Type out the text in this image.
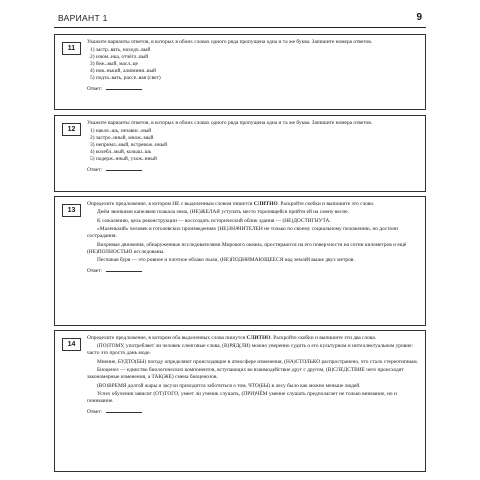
ВАРИАНТ 1	9
11

Укажите варианты ответов, в которых в обоих словах одного ряда пропущена одна и та же буква. Запишите номера ответов.

1) застр..вать, находч..вый

2) изюм..нка, отчётл..вый

3) беж..вый, масл..це

4) нов..нький, алюмини..вый

5) подта..вать, рассе..вая (свет)

Ответ:
12

Укажите варианты ответов, в которых в обоих словах одного ряда пропущена одна и та же буква. Запишите номера ответов.

1) накле..шь, независ..мый

2) застро..нный, множ..мый

3) непримл..мый, встревож..нный

4) колебл..мый, колыш..шь

5) подерж..нный, ухож..нный

Ответ:
13

Определите предложение, в котором НЕ с выделенным словом пишется СЛИТНО. Раскройте скобки и выпишите это слово.

Днём звонкими капелями плакала зима, (НЕ)ЖЕЛАЯ уступать место торопящейся прийти ей на смену весне.

К сожалению, цель реконструкции — воссоздать исторический облик здания — (НЕ)ДОСТИГНУТА.

«Маленький» человек в гоголевских произведениях (НЕ)ЗНАЧИТЕЛЕН не только по своему социальному положению, но достоин сострадания.

Вихревые движения, обнаруженные исследователями Мирового океана, простираются на его поверхности на сотни километров и ещё (НЕ)ПОЛНОСТЬЮ исследованы.

Песчаная буря — это ровное и плотное облако пыли, (НЕ)ПОДНИМАЮЩЕЕСЯ над землёй выше двух метров.

Ответ:
14

Определите предложение, в котором оба выделенных слова пишутся СЛИТНО. Раскройте скобки и выпишите эти два слова.

(ПО)ТОМУ, употребляет ли человек сленговые слова, (В)РЯД(ЛИ) можно уверенно судить о его культурном и интеллектуальном уровне: часто это просто дань моде.

Мнение, БУДТО(БЫ) погоду определяют происходящие в атмосфере изменения, (НА)СТОЛЬКО распространено, что стало стереотипным.

Биоценоз — единство биологических компонентов, вступающих во взаимодействие друг с другом, (В)СЛЕДСТВИЕ чего происходят закономерные изменения, а ТАК(ЖЕ) смена биоценозов.

(ВО)ВРЕМЯ долгой жары и засухи приходится заботиться о том, ЧТО(БЫ) в лесу было как можно меньше людей.

Успех обучения зависит (ОТ)ТОГО, умеет ли ученик слушать, (ПРИ)ЧЁМ умение слушать предполагает не только внимание, но и понимание.

Ответ:
